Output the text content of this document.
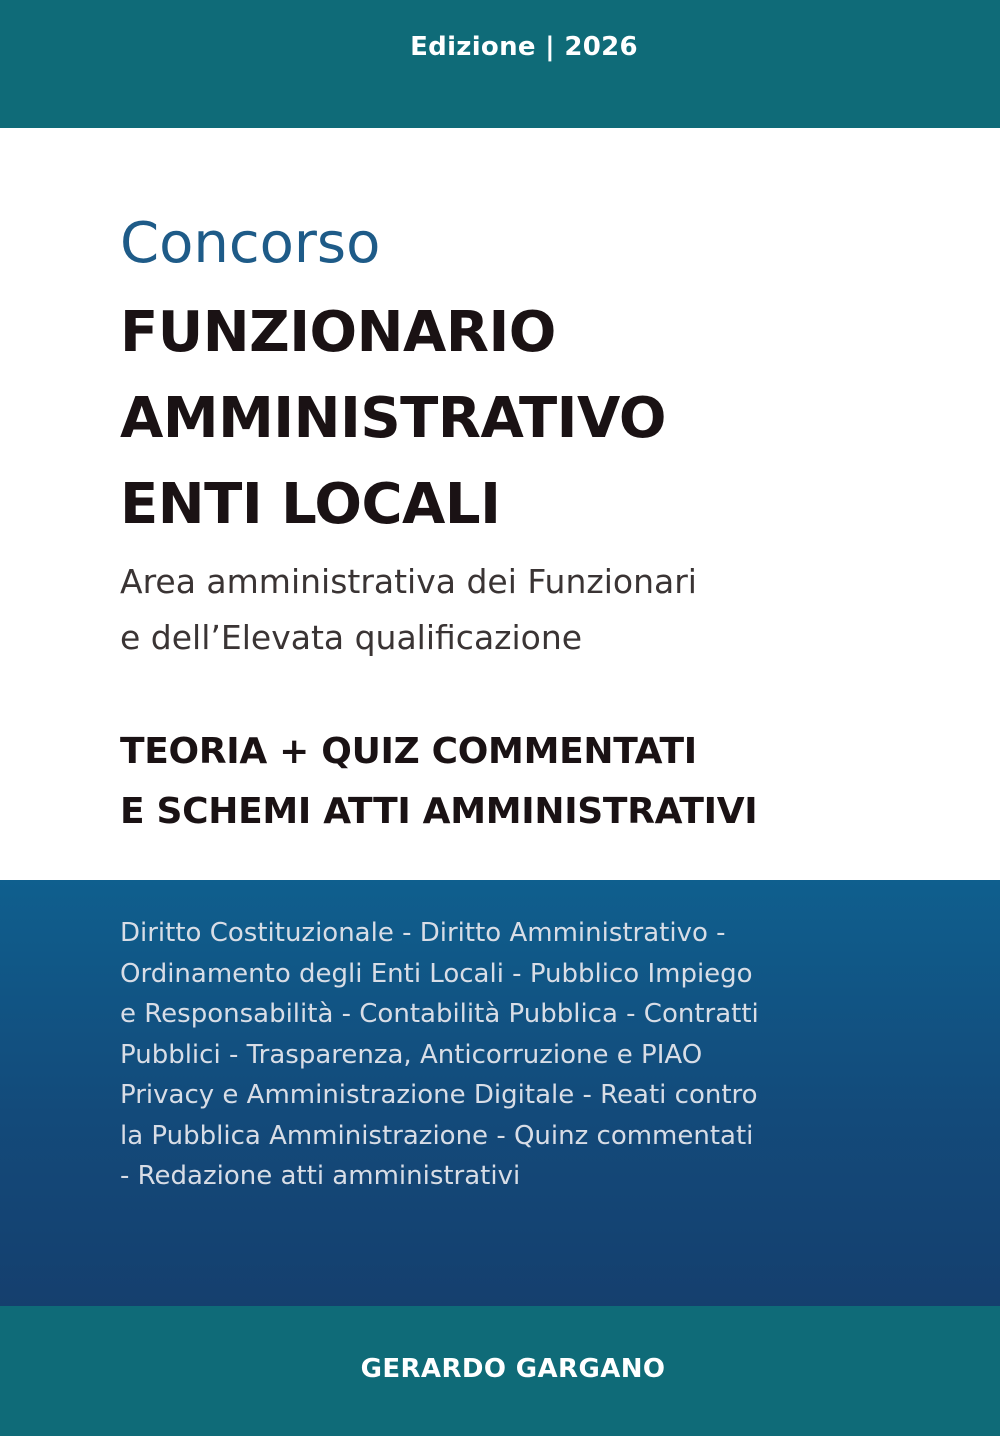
Edizione | 2026

Concorso

FUNZIONARIO
AMMINISTRATIVO
ENTI LOCALI

Area amministrativa dei Funzionari
e dell’Elevata qualificazione

TEORIA + QUIZ COMMENTATI
E SCHEMI ATTI AMMINISTRATIVI

Diritto Costituzionale - Diritto Amministrativo -
Ordinamento degli Enti Locali - Pubblico Impiego
e Responsabilità - Contabilità Pubblica - Contratti
Pubblici - Trasparenza, Anticorruzione e PIAO
Privacy e Amministrazione Digitale - Reati contro
la Pubblica Amministrazione - Quinz commentati
- Redazione atti amministrativi

GERARDO GARGANO
